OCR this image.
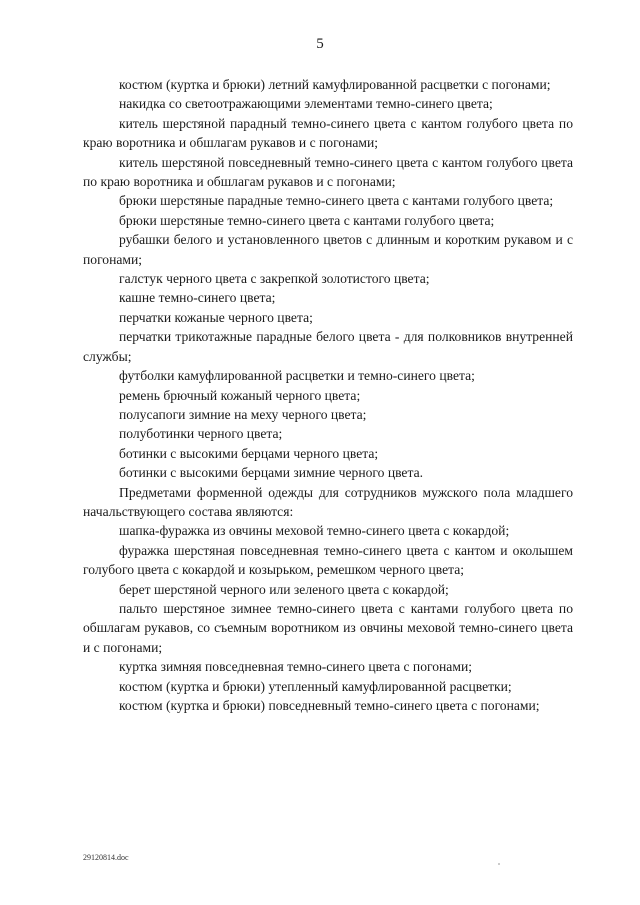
5

костюм (куртка и брюки) летний камуфлированной расцветки с погонами;

накидка со светоотражающими элементами темно-синего цвета;

китель шерстяной парадный темно-синего цвета с кантом голубого цвета по краю воротника и обшлагам рукавов и с погонами;

китель шерстяной повседневный темно-синего цвета с кантом голубого цвета по краю воротника и обшлагам рукавов и с погонами;

брюки шерстяные парадные темно-синего цвета с кантами голубого цвета;

брюки шерстяные темно-синего цвета с кантами голубого цвета;

рубашки белого и установленного цветов с длинным и коротким рукавом и с погонами;

галстук черного цвета с закрепкой золотистого цвета;

кашне темно-синего цвета;

перчатки кожаные черного цвета;

перчатки трикотажные парадные белого цвета - для полковников внутренней службы;

футболки камуфлированной расцветки и темно-синего цвета;

ремень брючный кожаный черного цвета;

полусапоги зимние на меху черного цвета;

полуботинки черного цвета;

ботинки с высокими берцами черного цвета;

ботинки с высокими берцами зимние черного цвета.

Предметами форменной одежды для сотрудников мужского пола младшего начальствующего состава являются:

шапка-фуражка из овчины меховой темно-синего цвета с кокардой;

фуражка шерстяная повседневная темно-синего цвета с кантом и околышем голубого цвета с кокардой и козырьком, ремешком черного цвета;

берет шерстяной черного или зеленого цвета с кокардой;

пальто шерстяное зимнее темно-синего цвета с кантами голубого цвета по обшлагам рукавов, со съемным воротником из овчины меховой темно-синего цвета и с погонами;

куртка зимняя повседневная темно-синего цвета с погонами;

костюм (куртка и брюки) утепленный камуфлированной расцветки;

костюм (куртка и брюки) повседневный темно-синего цвета с погонами;

29120814.doc
